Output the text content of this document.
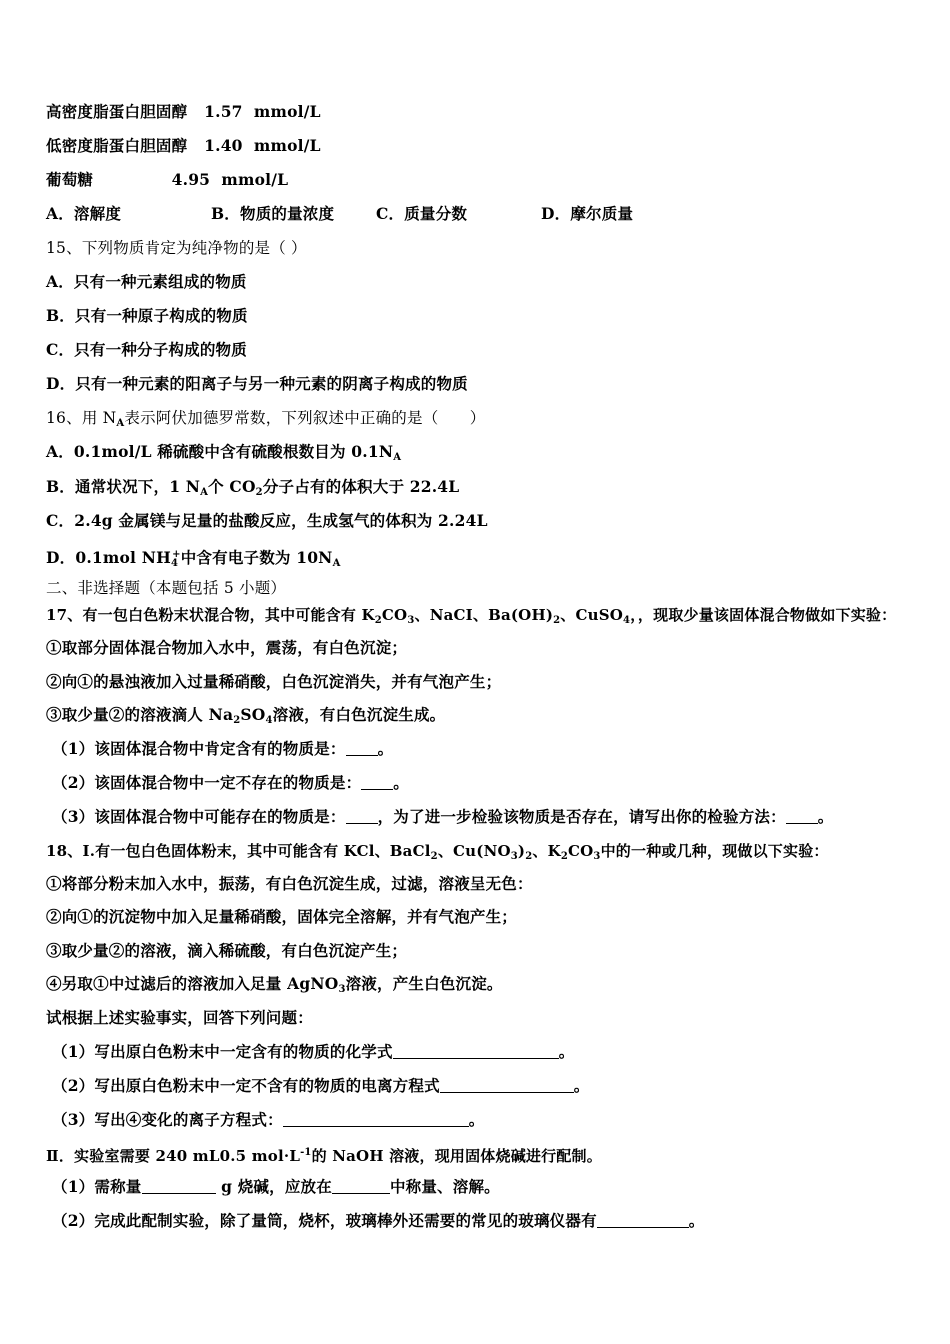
高密度脂蛋白胆固醇 1.57 mmol/L
低密度脂蛋白胆固醇 1.40 mmol/L
葡萄糖	4.95 mmol/L
A．溶解度	B．物质的量浓度	C．质量分数	D．摩尔质量
15、下列物质肯定为纯净物的是（ ）
A．只有一种元素组成的物质
B．只有一种原子构成的物质
C．只有一种分子构成的物质
D．只有一种元素的阳离子与另一种元素的阴离子构成的物质
16、用 $N_A$表示阿伏加德罗常数，下列叙述中正确的是（　　）
A．0.1mol/L 稀硫酸中含有硫酸根数目为 $0.1N_A$
B．通常状况下，1 $N_A$个 $CO_2$分子占有的体积大于 22.4L
C．2.4g 金属镁与足量的盐酸反应，生成氢气的体积为 2.24L
D．0.1mol $NH_4^+$中含有电子数为 $10N_A$
二、非选择题（本题包括 5 小题）
17、有一包白色粉末状混合物，其中可能含有 $K_2CO_3$、NaCI、$Ba(OH)_2$、CuSO$_4$，，现取少量该固体混合物做如下实验：
①取部分固体混合物加入水中，震荡，有白色沉淀；
②向①的悬浊液加入过量稀硝酸，白色沉淀消失，并有气泡产生；
③取少量②的溶液滴人 $Na_2SO_4$溶液，有白色沉淀生成。
（1）该固体混合物中肯定含有的物质是： 。
（2）该固体混合物中一定不存在的物质是： 。
（3）该固体混合物中可能存在的物质是： ，为了进一步检验该物质是否存在，请写出你的检验方法： 。
18、Ⅰ.有一包白色固体粉末，其中可能含有 KCl、BaCl$_2$、$Cu(NO_3)_2$、$K_2CO_3$中的一种或几种，现做以下实验：
①将部分粉末加入水中，振荡，有白色沉淀生成，过滤，溶液呈无色：
②向①的沉淀物中加入足量稀硝酸，固体完全溶解，并有气泡产生；
③取少量②的溶液，滴入稀硫酸，有白色沉淀产生；
④另取①中过滤后的溶液加入足量 AgNO$_3$溶液，产生白色沉淀。
试根据上述实验事实，回答下列问题：
（1）写出原白色粉末中一定含有的物质的化学式	。
（2）写出原白色粉末中一定不含有的物质的电离方程式	。
（3）写出④变化的离子方程式：	。
Ⅱ．实验室需要 240 mL0.5 $mol\cdot L^{-1}$的 NaOH 溶液，现用固体烧碱进行配制。
（1）需称量	g 烧碱，应放在	中称量、溶解。
（2）完成此配制实验，除了量筒，烧杯，玻璃棒外还需要的常见的玻璃仪器有	。
